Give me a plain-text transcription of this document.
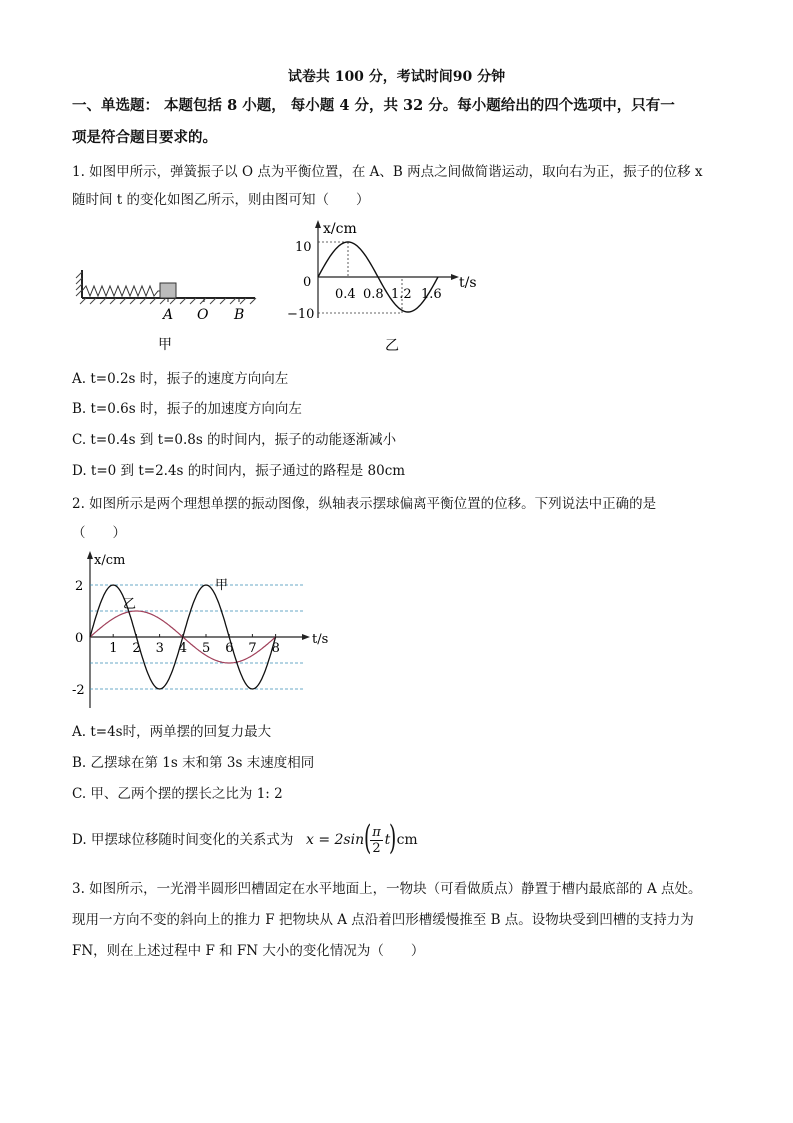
试卷共 100 分，考试时间90 分钟
一、单选题： 本题包括 8 小题， 每小题 4 分，共 32 分。每小题给出的四个选项中，只有一
项是符合题目要求的。
1. 如图甲所示，弹簧振子以 O 点为平衡位置，在 A、B 两点之间做简谐运动，取向右为正，振子的位移 x
随时间 t 的变化如图乙所示，则由图可知（　　）
A O B
甲
x/cm
t/s
10
0
−10
0.4 0.8 1.2 1.6
乙
A. t=0.2s 时，振子的速度方向向左
B. t=0.6s 时，振子的加速度方向向左
C. t=0.4s 到 t=0.8s 的时间内，振子的动能逐渐减小
D. t=0 到 t=2.4s 的时间内，振子通过的路程是 80cm
2. 如图所示是两个理想单摆的振动图像，纵轴表示摆球偏离平衡位置的位移。下列说法中正确的是
（　　）
x/cm
t/s
2
0
-2
1 2 3 4 5 6 7 8
乙
甲
A. t=4s时，两单摆的回复力最大
B. 乙摆球在第 1s 末和第 3s 末速度相同
C. 甲、乙两个摆的摆长之比为 1: 2
D. 甲摆球位移随时间变化的关系式为 x = 2sin (
$\frac{\pi}{2}$ t
) cm
3. 如图所示，一光滑半圆形凹槽固定在水平地面上，一物块（可看做质点）静置于槽内最底部的 A 点处。
现用一方向不变的斜向上的推力 F 把物块从 A 点沿着凹形槽缓慢推至 B 点。设物块受到凹槽的支持力为
FN，则在上述过程中 F 和 FN 大小的变化情况为（　　）
